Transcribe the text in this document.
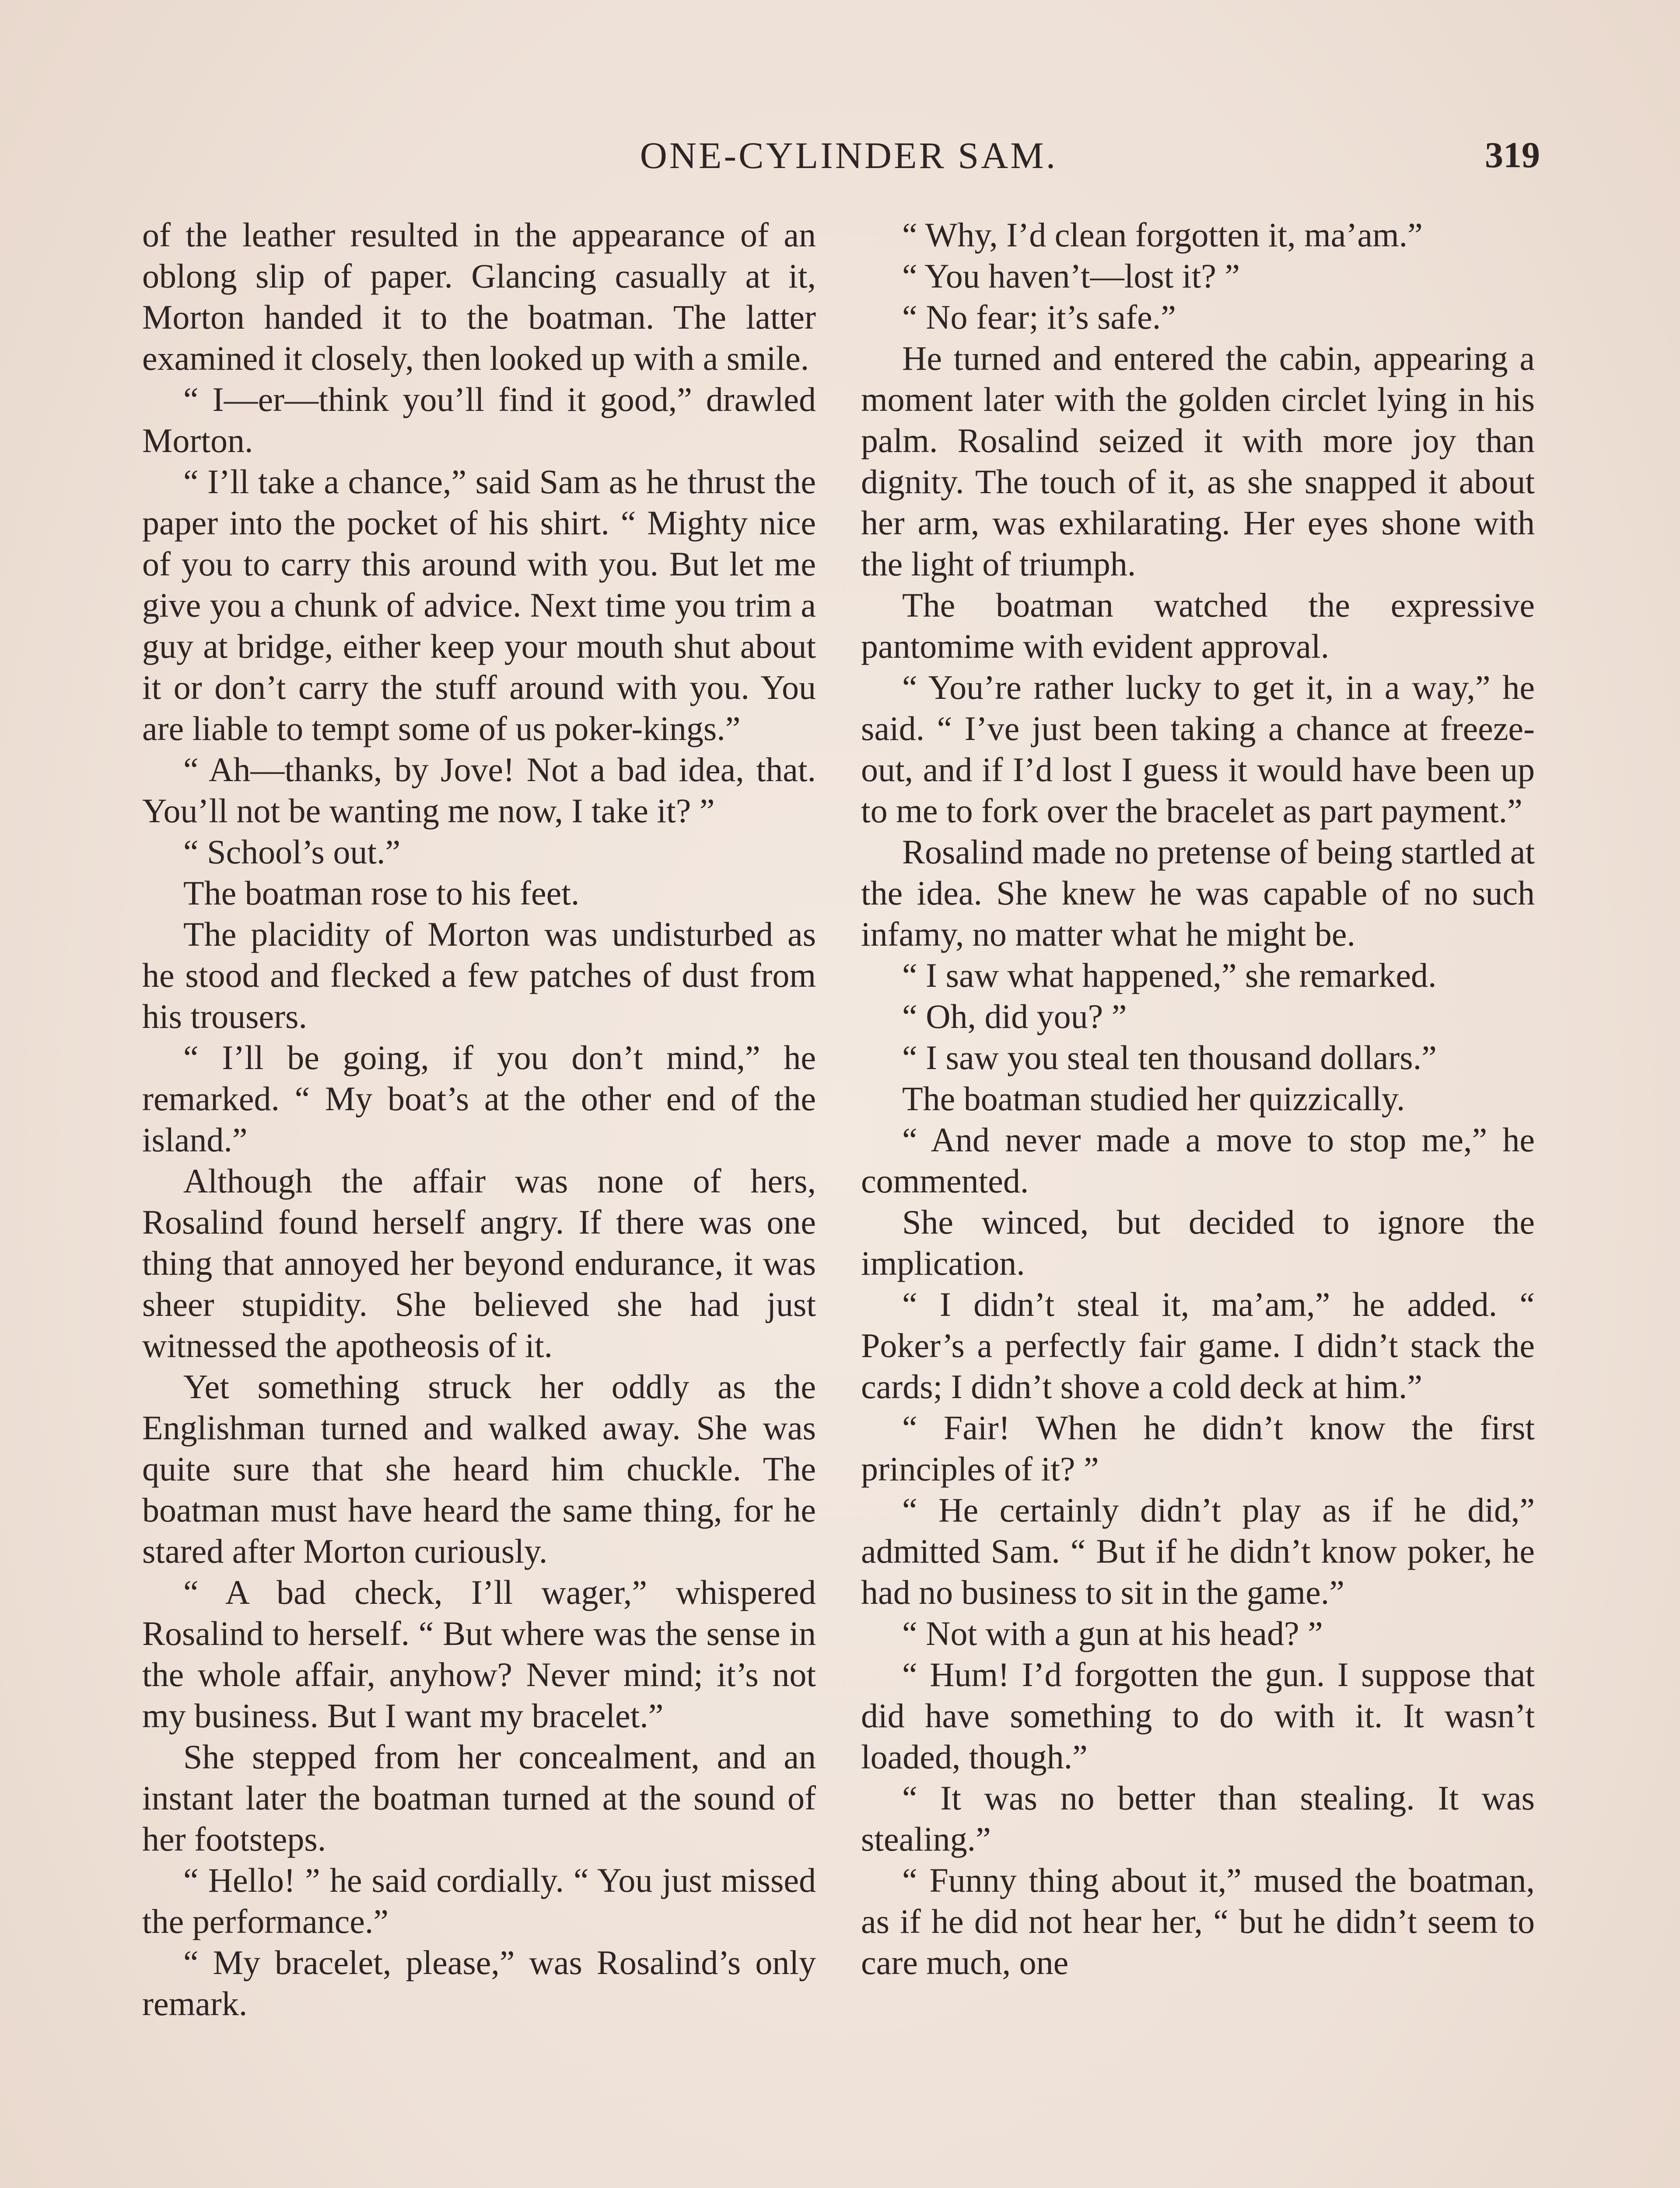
ONE-CYLINDER SAM.	319

of the leather resulted in the appearance of an oblong slip of paper. Glancing casually at it, Morton handed it to the boatman. The latter examined it closely, then looked up with a smile.

“ I—er—think you’ll find it good,” drawled Morton.

“ I’ll take a chance,” said Sam as he thrust the paper into the pocket of his shirt. “ Mighty nice of you to carry this around with you. But let me give you a chunk of advice. Next time you trim a guy at bridge, either keep your mouth shut about it or don’t carry the stuff around with you. You are liable to tempt some of us poker-kings.”

“ Ah—thanks, by Jove! Not a bad idea, that. You’ll not be wanting me now, I take it? ”

“ School’s out.”

The boatman rose to his feet.

The placidity of Morton was undisturbed as he stood and flecked a few patches of dust from his trousers.

“ I’ll be going, if you don’t mind,” he remarked. “ My boat’s at the other end of the island.”

Although the affair was none of hers, Rosalind found herself angry. If there was one thing that annoyed her beyond endurance, it was sheer stupidity. She believed she had just witnessed the apotheosis of it.

Yet something struck her oddly as the Englishman turned and walked away. She was quite sure that she heard him chuckle. The boatman must have heard the same thing, for he stared after Morton curiously.

“ A bad check, I’ll wager,” whispered Rosalind to herself. “ But where was the sense in the whole affair, anyhow? Never mind; it’s not my business. But I want my bracelet.”

She stepped from her concealment, and an instant later the boatman turned at the sound of her footsteps.

“ Hello! ” he said cordially. “ You just missed the performance.”

“ My bracelet, please,” was Rosalind’s only remark.

“ Why, I’d clean forgotten it, ma’am.”

“ You haven’t—lost it? ”

“ No fear; it’s safe.”

He turned and entered the cabin, appearing a moment later with the golden circlet lying in his palm. Rosalind seized it with more joy than dignity. The touch of it, as she snapped it about her arm, was exhilarating. Her eyes shone with the light of triumph.

The boatman watched the expressive pantomime with evident approval.

“ You’re rather lucky to get it, in a way,” he said. “ I’ve just been taking a chance at freeze-out, and if I’d lost I guess it would have been up to me to fork over the bracelet as part payment.”

Rosalind made no pretense of being startled at the idea. She knew he was capable of no such infamy, no matter what he might be.

“ I saw what happened,” she remarked.

“ Oh, did you? ”

“ I saw you steal ten thousand dollars.”

The boatman studied her quizzically.

“ And never made a move to stop me,” he commented.

She winced, but decided to ignore the implication.

“ I didn’t steal it, ma’am,” he added. “ Poker’s a perfectly fair game. I didn’t stack the cards; I didn’t shove a cold deck at him.”

“ Fair! When he didn’t know the first principles of it? ”

“ He certainly didn’t play as if he did,” admitted Sam. “ But if he didn’t know poker, he had no business to sit in the game.”

“ Not with a gun at his head? ”

“ Hum! I’d forgotten the gun. I suppose that did have something to do with it. It wasn’t loaded, though.”

“ It was no better than stealing. It was stealing.”

“ Funny thing about it,” mused the boatman, as if he did not hear her, “ but he didn’t seem to care much, one
